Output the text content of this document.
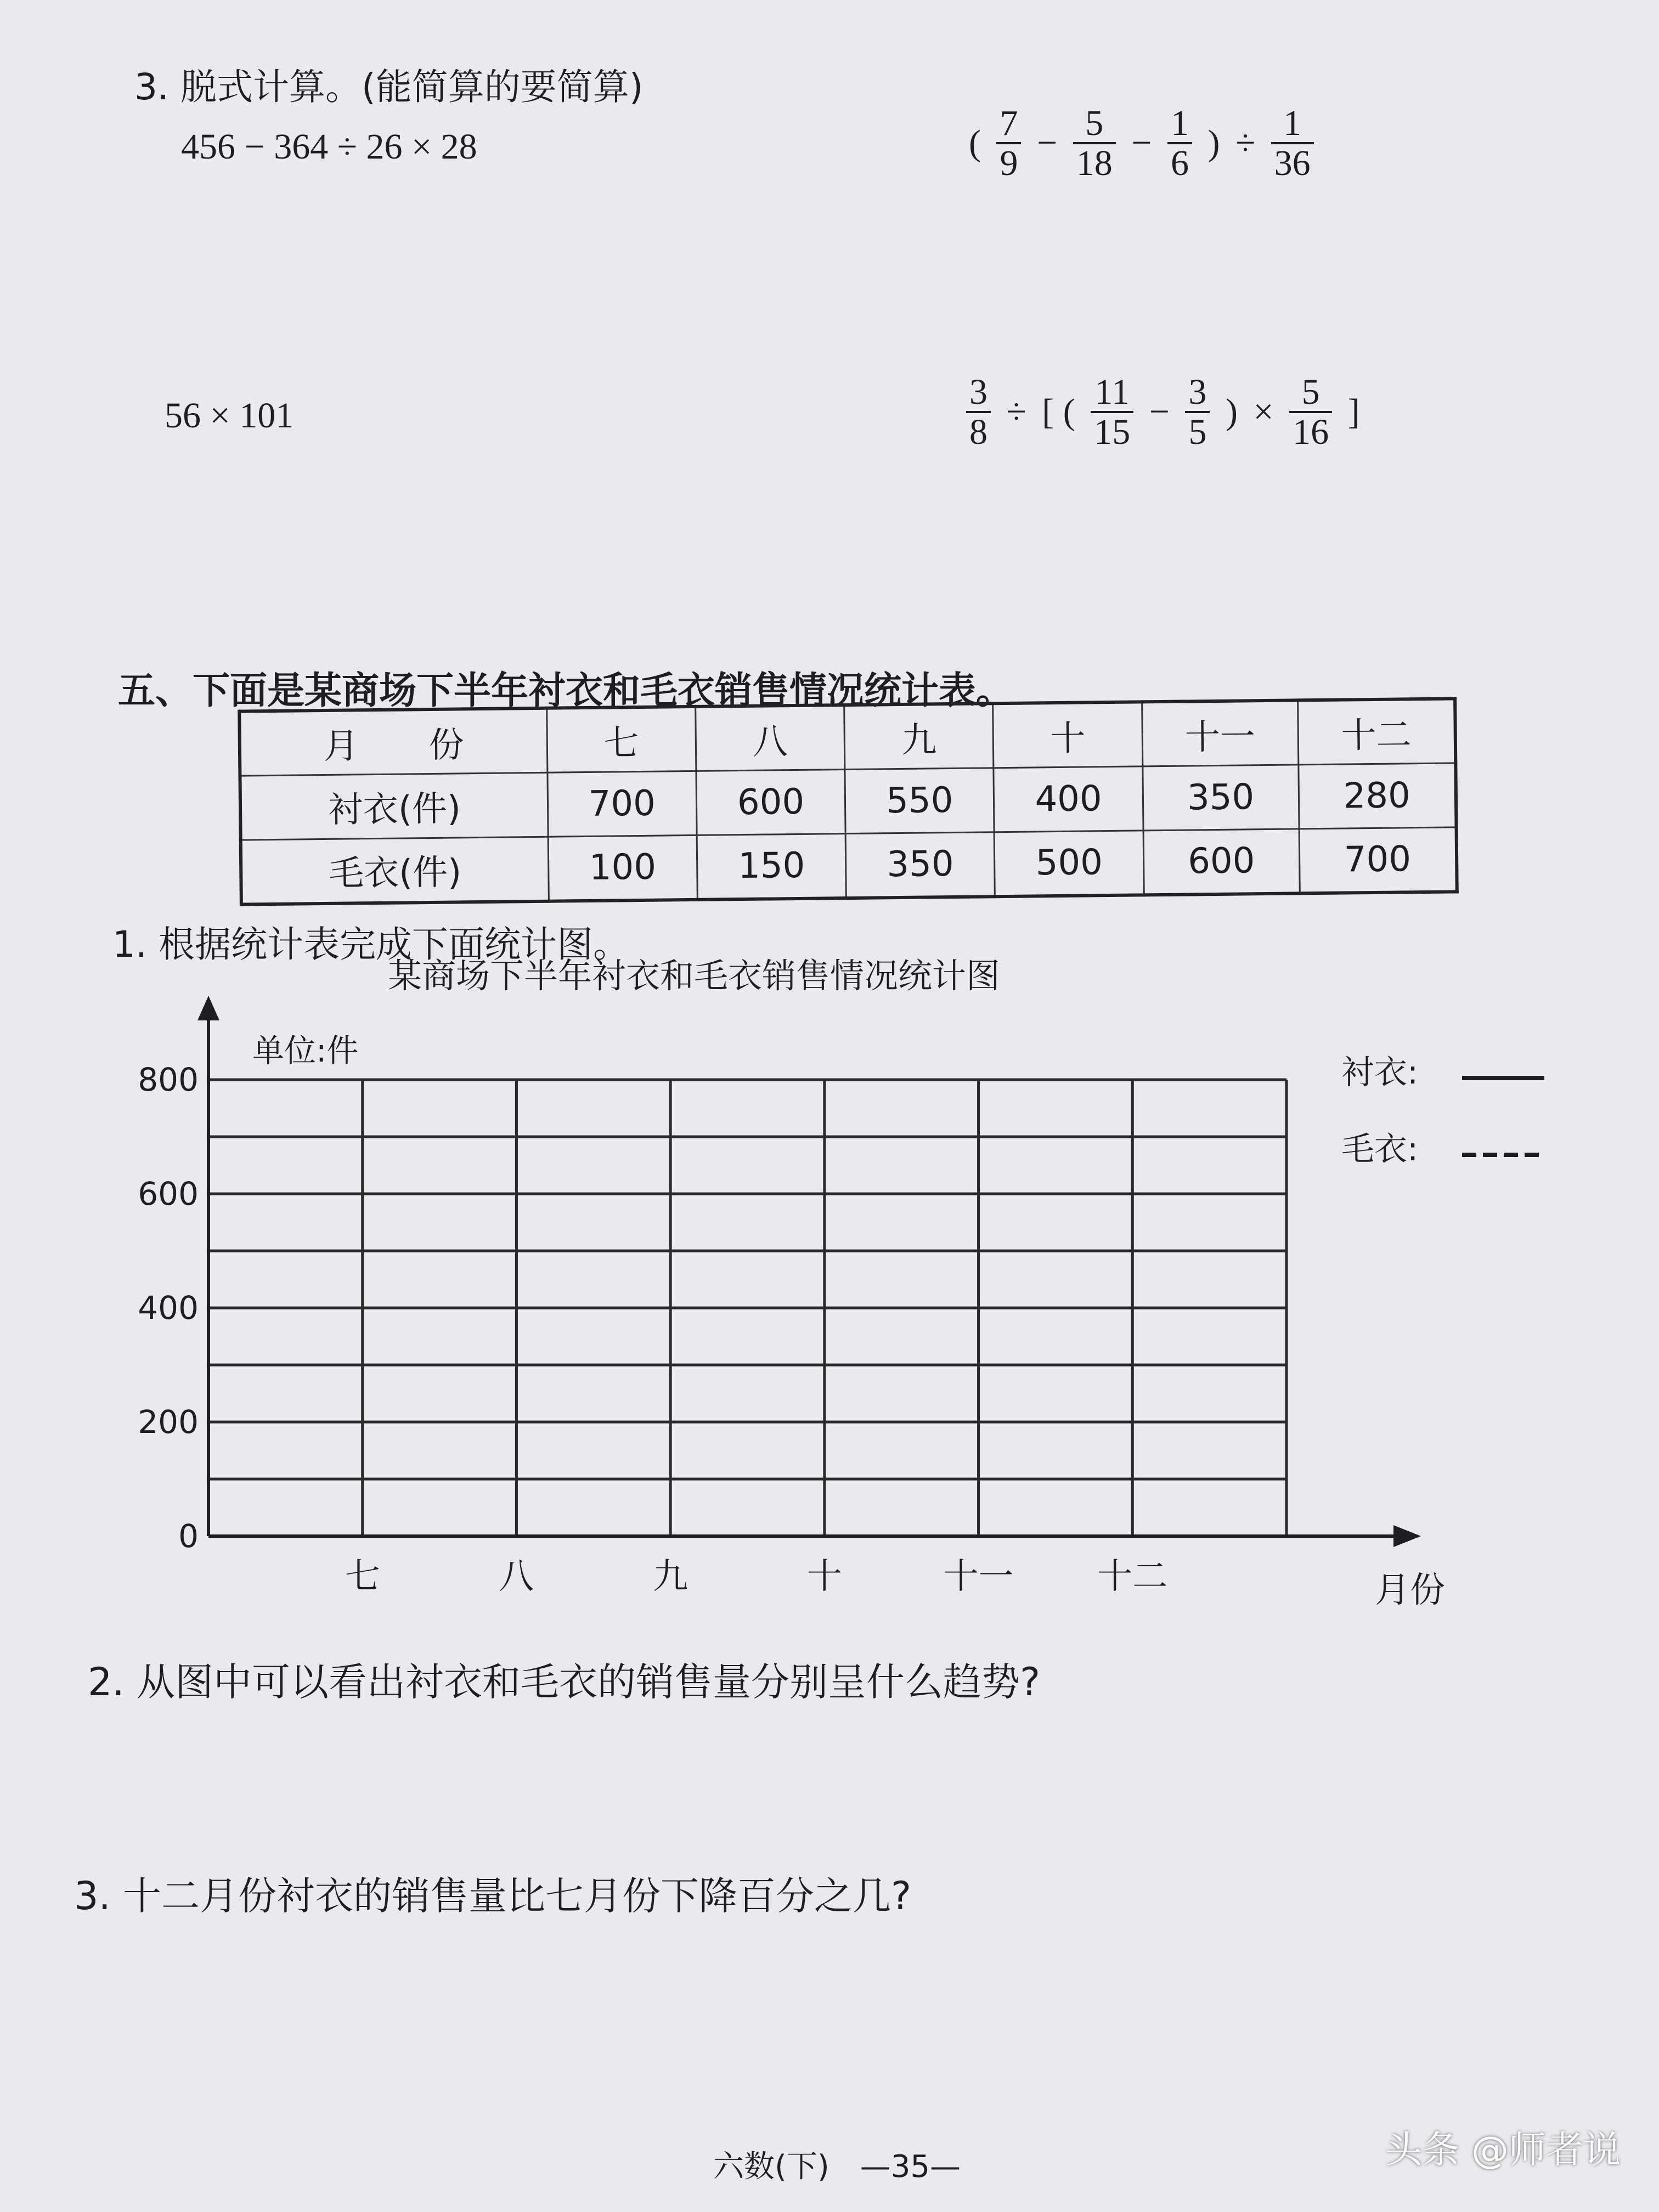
3. 脱式计算。(能简算的要简算)
456 − 364 ÷ 26 × 28	( $\frac{7}{9} - \frac{5}{18} - \frac{1}{6}$ ) ÷ $\frac{1}{36}$
56 × 101	$\frac{3}{8}$ ÷ [ ( $\frac{11}{15} - \frac{3}{5}$ ) × $\frac{5}{16}$ ]
五、下面是某商场下半年衬衣和毛衣销售情况统计表。
月　　份	七	八	九	十	十一	十二
衬衣(件)	700	600	550	400	350	280
毛衣(件)	100	150	350	500	600	700
1. 根据统计表完成下面统计图。
某商场下半年衬衣和毛衣销售情况统计图
单位:件
0
200
400
600
800
七	八	九	十	十一 十二	月份
衬衣:
毛衣:
2. 从图中可以看出衬衣和毛衣的销售量分别呈什么趋势?
3. 十二月份衬衣的销售量比七月份下降百分之几?
六数(下)　—35—	头条 @师者说
